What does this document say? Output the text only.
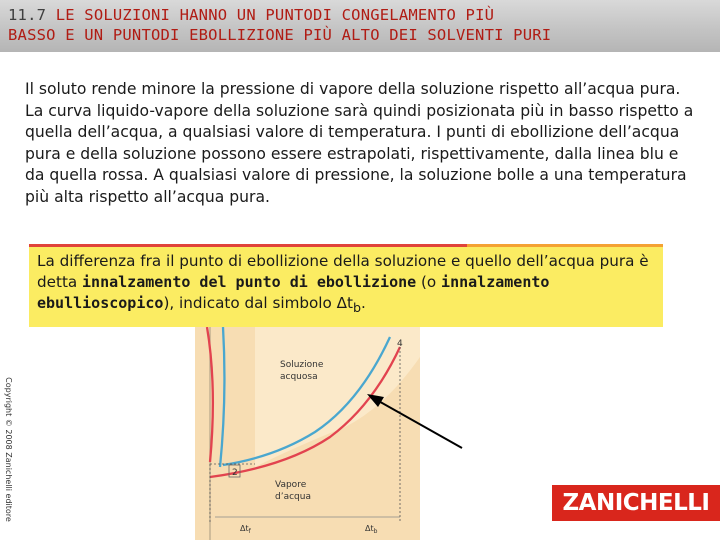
11.7 LE SOLUZIONI HANNO UN PUNTODI CONGELAMENTO PIÙ
BASSO E UN PUNTODI EBOLLIZIONE PIÙ ALTO DEI SOLVENTI PURI
Il soluto rende minore la pressione di vapore della soluzione rispetto all’acqua pura. La curva liquido-vapore della soluzione sarà quindi posizionata più in basso rispetto a quella dell’acqua, a qualsiasi valore di temperatura. I punti di ebollizione dell’acqua pura e della soluzione possono essere estrapolati, rispettivamente, dalla linea blu e da quella rossa. A qualsiasi valore di pressione, la soluzione bolle a una temperatura più alta rispetto all’acqua pura.
La differenza fra il punto di ebollizione della soluzione e quello dell’acqua pura è detta innalzamento del punto di ebollizione (o innalzamento ebullioscopico), indicato dal simbolo $\Delta t_b$.
Soluzione
acquosa
Vapore
d’acqua
4
2
$\Delta t_f$	$\Delta t_b$
Copyright © 2008 Zanichelli editore	ZANICHELLI
